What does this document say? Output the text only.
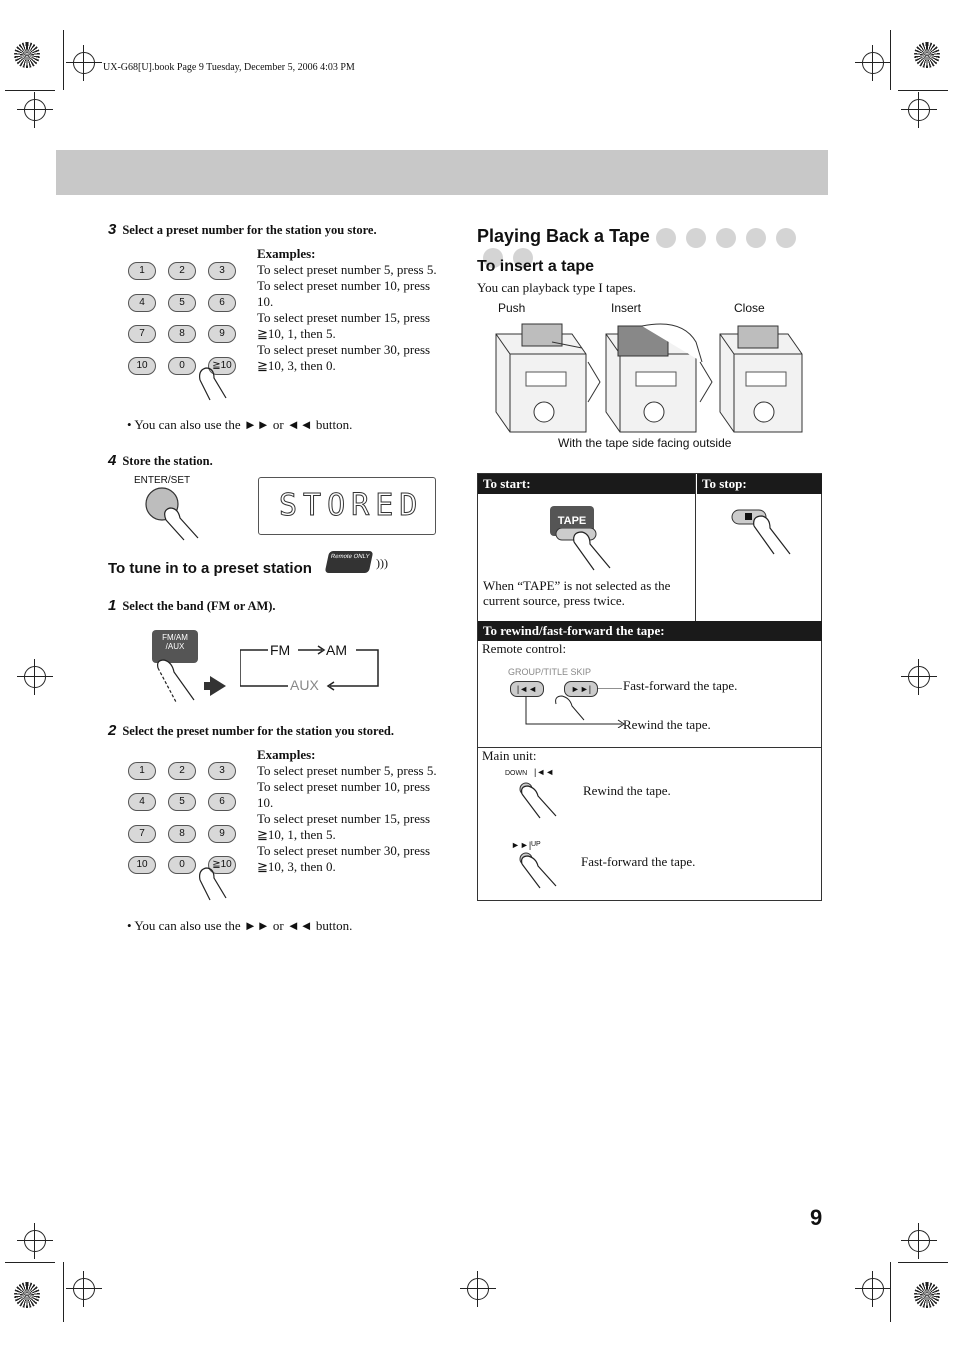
UX-G68[U].book Page 9 Tuesday, December 5, 2006 4:03 PM
3 Select a preset number for the station you store.
1	2	3
4	5	6
7	8	9
10	0	≧10
Examples:
To select preset number 5, press 5.
To select preset number 10, press 10.
To select preset number 15, press ≧10, 1, then 5.
To select preset number 30, press ≧10, 3, then 0.
• You can also use the ►► or ◄◄ button.
4 Store the station.
ENTER/SET
STORED
To tune in to a preset station
Remote ONLY )))
1 Select the band (FM or AM).
FM/AM /AUX	FM	AM
AUX
2 Select the preset number for the station you stored.
1	2	3
4	5	6
7	8	9
10	0	≧10
Examples:
To select preset number 5, press 5.
To select preset number 10, press 10.
To select preset number 15, press ≧10, 1, then 5.
To select preset number 30, press ≧10, 3, then 0.
• You can also use the ►► or ◄◄ button.
Playing Back a Tape
To insert a tape
You can playback type I tapes.
Push	Insert	Close
With the tape side facing outside
To start:	To stop:
TAPE
When “TAPE” is not selected as the current source, press twice.
To rewind/fast-forward the tape:
Remote control:
GROUP/TITLE SKIP
|◄◄	►►|	Fast-forward the tape.
Rewind the tape.
Main unit:
DOWN |◄◄
Rewind the tape.
►►| UP
Fast-forward the tape.
9
